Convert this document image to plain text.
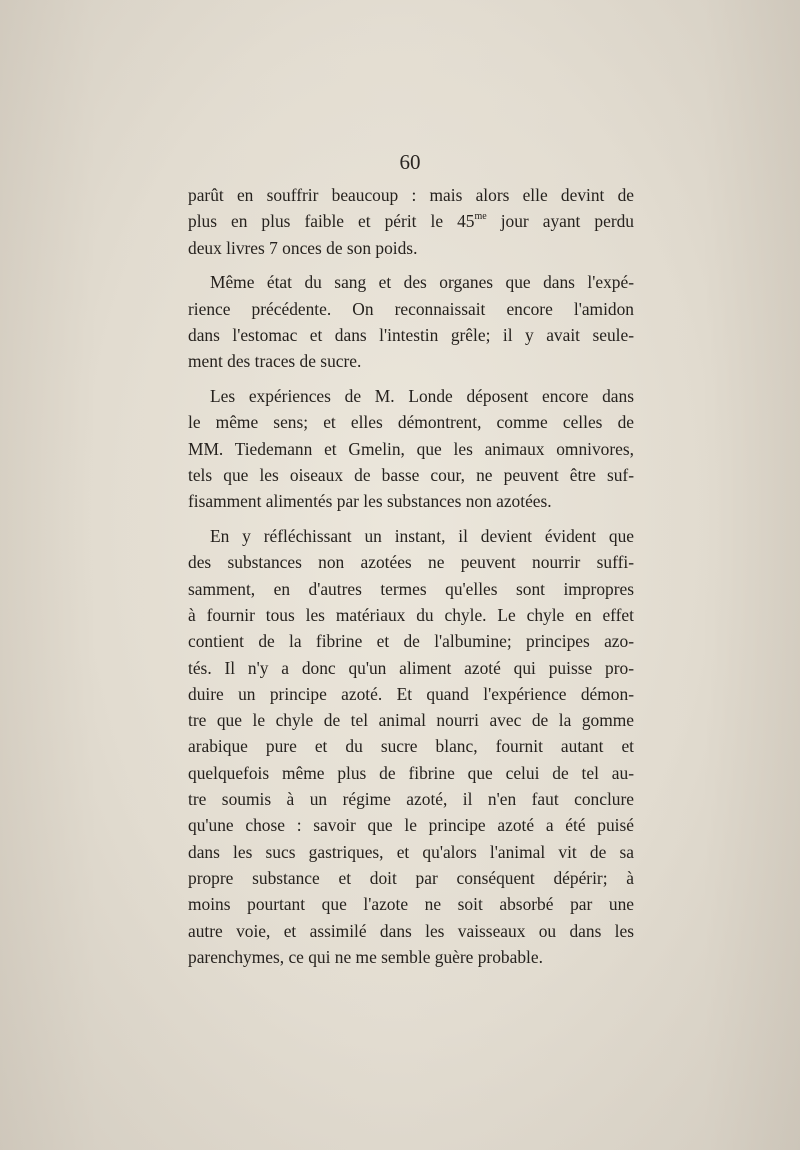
60
parût en souffrir beaucoup : mais alors elle devint de
plus en plus faible et périt le $45^{me}$ jour ayant perdu
deux livres 7 onces de son poids.
Même état du sang et des organes que dans l'expé-
rience précédente. On reconnaissait encore l'amidon
dans l'estomac et dans l'intestin grêle; il y avait seule-
ment des traces de sucre.
Les expériences de M. Londe déposent encore dans
le même sens; et elles démontrent, comme celles de
MM. Tiedemann et Gmelin, que les animaux omnivores,
tels que les oiseaux de basse cour, ne peuvent être suf-
fisamment alimentés par les substances non azotées.
En y réfléchissant un instant, il devient évident que
des substances non azotées ne peuvent nourrir suffi-
samment, en d'autres termes qu'elles sont impropres
à fournir tous les matériaux du chyle. Le chyle en effet
contient de la fibrine et de l'albumine; principes azo-
tés. Il n'y a donc qu'un aliment azoté qui puisse pro-
duire un principe azoté. Et quand l'expérience démon-
tre que le chyle de tel animal nourri avec de la gomme
arabique pure et du sucre blanc, fournit autant et
quelquefois même plus de fibrine que celui de tel au-
tre soumis à un régime azoté, il n'en faut conclure
qu'une chose : savoir que le principe azoté a été puisé
dans les sucs gastriques, et qu'alors l'animal vit de sa
propre substance et doit par conséquent dépérir; à
moins pourtant que l'azote ne soit absorbé par une
autre voie, et assimilé dans les vaisseaux ou dans les
parenchymes, ce qui ne me semble guère probable.
